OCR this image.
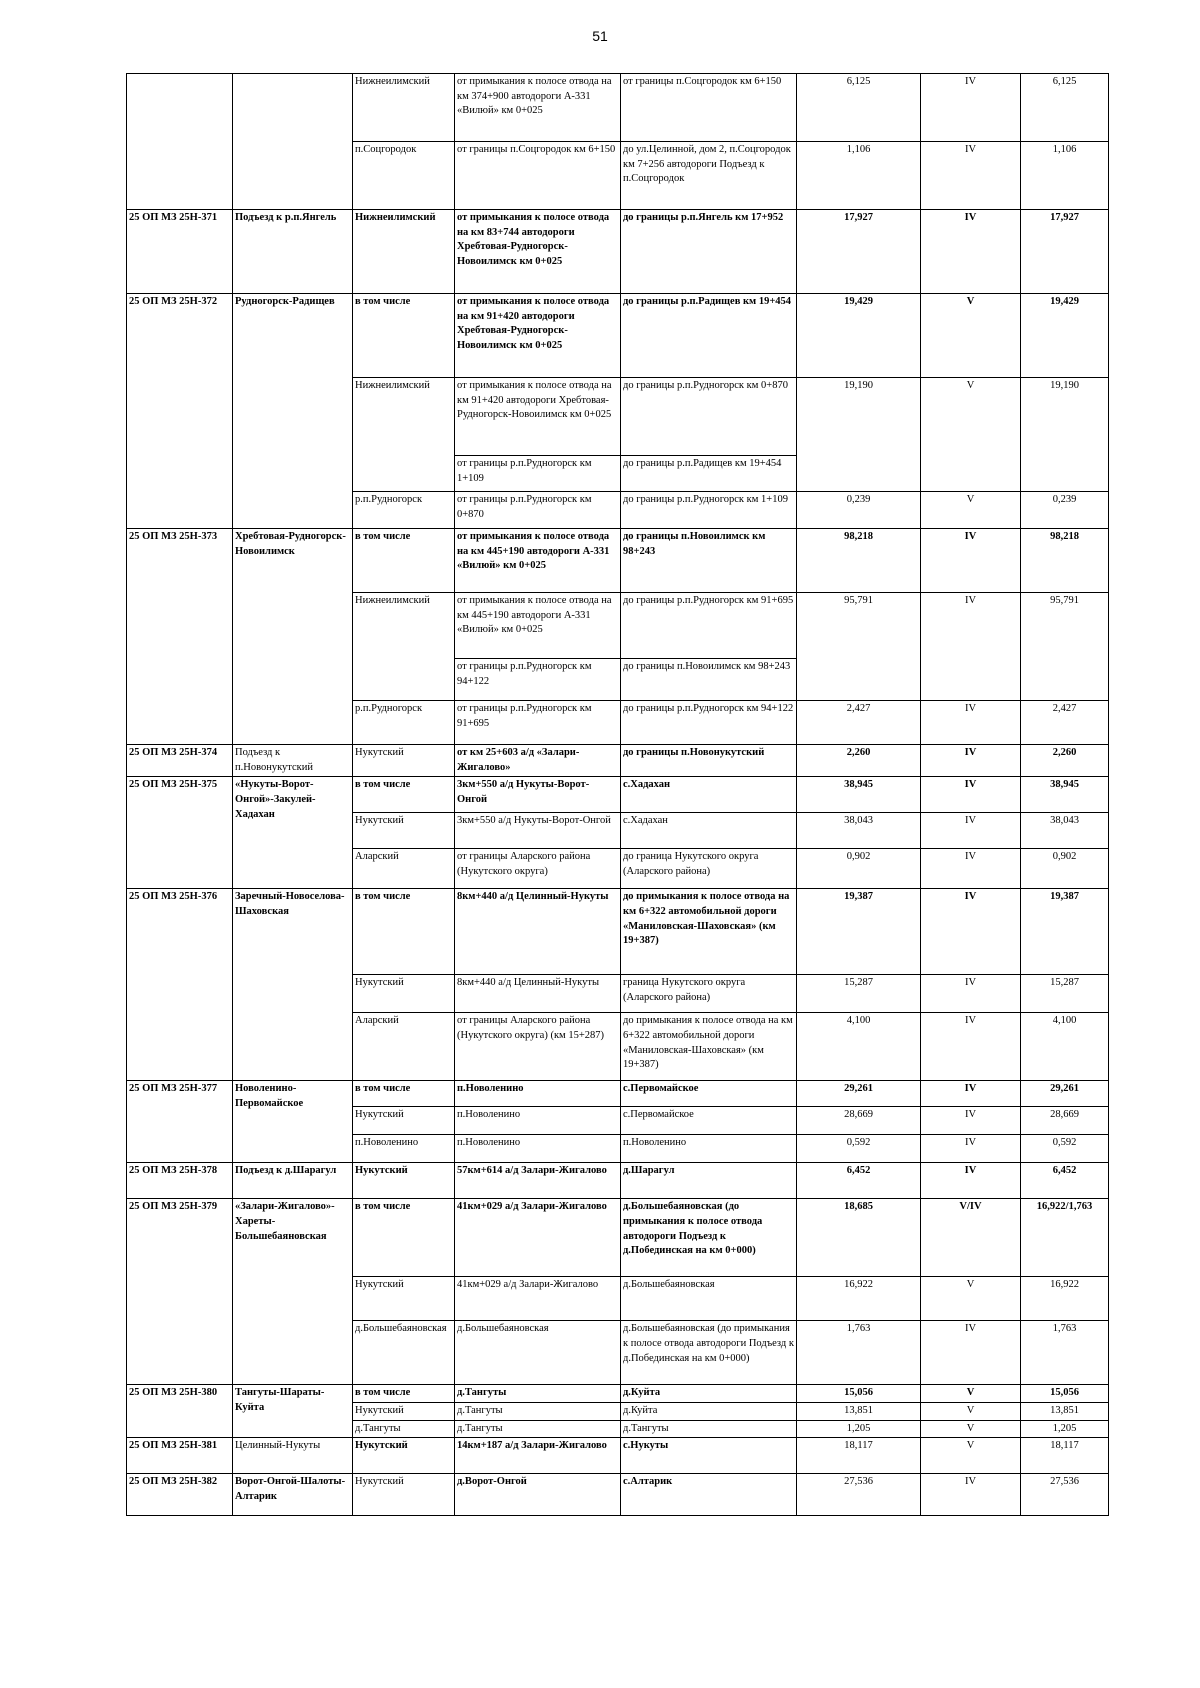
51
		Нижнеилимский	от примыкания к полосе отвода на км 374+900 автодороги А-331 «Вилюй» км 0+025	от границы п.Соцгородок км 6+150	6,125	IV	6,125
		п.Соцгородок	от границы п.Соцгородок км 6+150	до ул.Целинной, дом 2, п.Соцгородок км 7+256 автодороги Подъезд к п.Соцгородок	1,106	IV	1,106
25 ОП МЗ 25Н-371	Подъезд к р.п.Янгель	Нижнеилимский	от примыкания к полосе отвода на км 83+744 автодороги Хребтовая-Рудногорск-Новоилимск км 0+025	до границы р.п.Янгель км 17+952	17,927	IV	17,927
25 ОП МЗ 25Н-372	Рудногорск-Радищев	в том числе	от примыкания к полосе отвода на км 91+420 автодороги Хребтовая-Рудногорск-Новоилимск км 0+025	до границы р.п.Радищев км 19+454	19,429	V	19,429
		Нижнеилимский	от примыкания к полосе отвода на км 91+420 автодороги Хребтовая-Рудногорск-Новоилимск км 0+025	до границы р.п.Рудногорск км 0+870	19,190	V	19,190
			от границы р.п.Рудногорск км 1+109	до границы р.п.Радищев км 19+454			
		р.п.Рудногорск	от границы р.п.Рудногорск км 0+870	до границы р.п.Рудногорск км 1+109	0,239	V	0,239
25 ОП МЗ 25Н-373	Хребтовая-Рудногорск-Новоилимск	в том числе	от примыкания к полосе отвода на км 445+190 автодороги А-331 «Вилюй» км 0+025	до границы п.Новоилимск км 98+243	98,218	IV	98,218
		Нижнеилимский	от примыкания к полосе отвода на км 445+190 автодороги А-331 «Вилюй» км 0+025	до границы р.п.Рудногорск км 91+695	95,791	IV	95,791
			от границы р.п.Рудногорск км 94+122	до границы п.Новоилимск км 98+243			
		р.п.Рудногорск	от границы р.п.Рудногорск км 91+695	до границы р.п.Рудногорск км 94+122	2,427	IV	2,427
25 ОП МЗ 25Н-374	Подъезд к п.Новонукутский	Нукутский	от км 25+603 а/д «Залари-Жигалово»	до границы п.Новонукутский	2,260	IV	2,260
25 ОП МЗ 25Н-375	«Нукуты-Ворот-Онгой»-Закулей-Хадахан	в том числе	3км+550 а/д Нукуты-Ворот-Онгой	с.Хадахан	38,945	IV	38,945
		Нукутский	3км+550 а/д Нукуты-Ворот-Онгой	с.Хадахан	38,043	IV	38,043
		Аларский	от границы Аларского района (Нукутского округа)	до граница Нукутского округа (Аларского района)	0,902	IV	0,902
25 ОП МЗ 25Н-376	Заречный-Новоселова-Шаховская	в том числе	8км+440 а/д Целинный-Нукуты	до примыкания к полосе отвода на км 6+322 автомобильной дороги «Маниловская-Шаховская» (км 19+387)	19,387	IV	19,387
		Нукутский	8км+440 а/д Целинный-Нукуты	граница Нукутского округа (Аларского района)	15,287	IV	15,287
		Аларский	от границы Аларского района (Нукутского округа) (км 15+287)	до примыкания к полосе отвода на км 6+322 автомобильной дороги «Маниловская-Шаховская» (км 19+387)	4,100	IV	4,100
25 ОП МЗ 25Н-377	Новоленино-Первомайское	в том числе	п.Новоленино	с.Первомайское	29,261	IV	29,261
		Нукутский	п.Новоленино	с.Первомайское	28,669	IV	28,669
		п.Новоленино	п.Новоленино	п.Новоленино	0,592	IV	0,592
25 ОП МЗ 25Н-378	Подъезд к д.Шарагул	Нукутский	57км+614 а/д Залари-Жигалово	д.Шарагул	6,452	IV	6,452
25 ОП МЗ 25Н-379	«Залари-Жигалово»-Хареты-Большебаяновская	в том числе	41км+029 а/д Залари-Жигалово	д.Большебаяновская (до примыкания к полосе отвода автодороги Подъезд к д.Побединская на км 0+000)	18,685	V/IV	16,922/1,763
		Нукутский	41км+029 а/д Залари-Жигалово	д.Большебаяновская	16,922	V	16,922
		д.Большебаяновская	д.Большебаяновская	д.Большебаяновская (до примыкания к полосе отвода автодороги Подъезд к д.Побединская на км 0+000)	1,763	IV	1,763
25 ОП МЗ 25Н-380	Тангуты-Шараты-Куйта	в том числе	д.Тангуты	д.Куйта	15,056	V	15,056
		Нукутский	д.Тангуты	д.Куйта	13,851	V	13,851
		д.Тангуты	д.Тангуты	д.Тангуты	1,205	V	1,205
25 ОП МЗ 25Н-381	Целинный-Нукуты	Нукутский	14км+187 а/д Залари-Жигалово	с.Нукуты	18,117	V	18,117
25 ОП МЗ 25Н-382	Ворот-Онгой-Шалоты-Алтарик	Нукутский	д.Ворот-Онгой	с.Алтарик	27,536	IV	27,536
